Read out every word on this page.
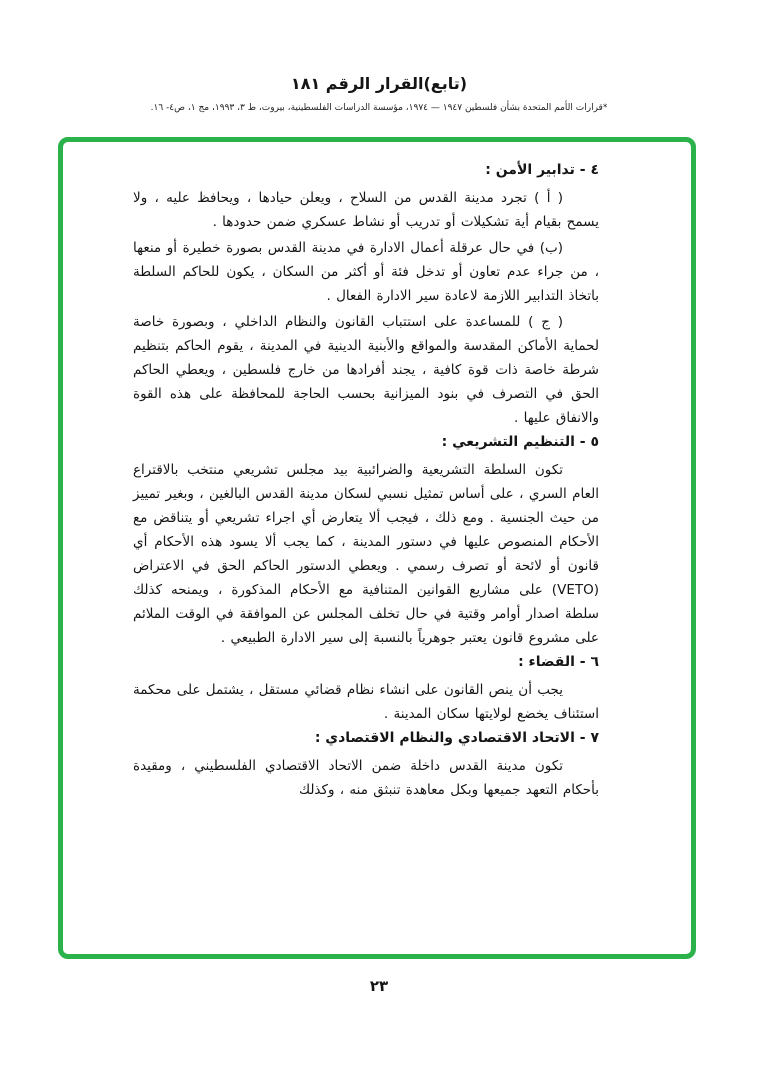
(تابع)القرار الرقم ١٨١
*قرارات الأمم المتحدة بشأن فلسطين ١٩٤٧ — ١٩٧٤، مؤسسة الدراسات الفلسطينية، بيروت، ط ٣، ١٩٩٣، مج ١، ص٤- ١٦.
٤ - تدابير الأمن :

( أ ) تجرد مدينة القدس من السلاح ، ويعلن حيادها ، ويحافظ عليه ، ولا يسمح بقيام أية تشكيلات أو تدريب أو نشاط عسكري ضمن حدودها .

(ب) في حال عرقلة أعمال الادارة في مدينة القدس بصورة خطيرة أو منعها ، من جراء عدم تعاون أو تدخل فئة أو أكثر من السكان ، يكون للحاكم السلطة باتخاذ التدابير اللازمة لاعادة سير الادارة الفعال .

( ج ) للمساعدة على استتباب القانون والنظام الداخلي ، وبصورة خاصة لحماية الأماكن المقدسة والمواقع والأبنية الدينية في المدينة ، يقوم الحاكم بتنظيم شرطة خاصة ذات قوة كافية ، يجند أفرادها من خارج فلسطين ، ويعطي الحاكم الحق في التصرف في بنود الميزانية بحسب الحاجة للمحافظة على هذه القوة والانفاق عليها .

٥ - التنظيم التشريعي :

تكون السلطة التشريعية والضرائبية بيد مجلس تشريعي منتخب بالاقتراع العام السري ، على أساس تمثيل نسبي لسكان مدينة القدس البالغين ، وبغير تمييز من حيث الجنسية . ومع ذلك ، فيجب ألا يتعارض أي اجراء تشريعي أو يتناقض مع الأحكام المنصوص عليها في دستور المدينة ، كما يجب ألا يسود هذه الأحكام أي قانون أو لائحة أو تصرف رسمي . ويعطي الدستور الحاكم الحق في الاعتراض (VETO) على مشاريع القوانين المتنافية مع الأحكام المذكورة ، ويمنحه كذلك سلطة اصدار أوامر وقتية في حال تخلف المجلس عن الموافقة في الوقت الملائم على مشروع قانون يعتبر جوهرياً بالنسبة إلى سير الادارة الطبيعي .

٦ - القضاء :

يجب أن ينص القانون على انشاء نظام قضائي مستقل ، يشتمل على محكمة استئناف يخضع لولايتها سكان المدينة .

٧ - الاتحاد الاقتصادي والنظام الاقتصادي :

تكون مدينة القدس داخلة ضمن الاتحاد الاقتصادي الفلسطيني ، ومقيدة بأحكام التعهد جميعها وبكل معاهدة تنبثق منه ، وكذلك

٢٣
